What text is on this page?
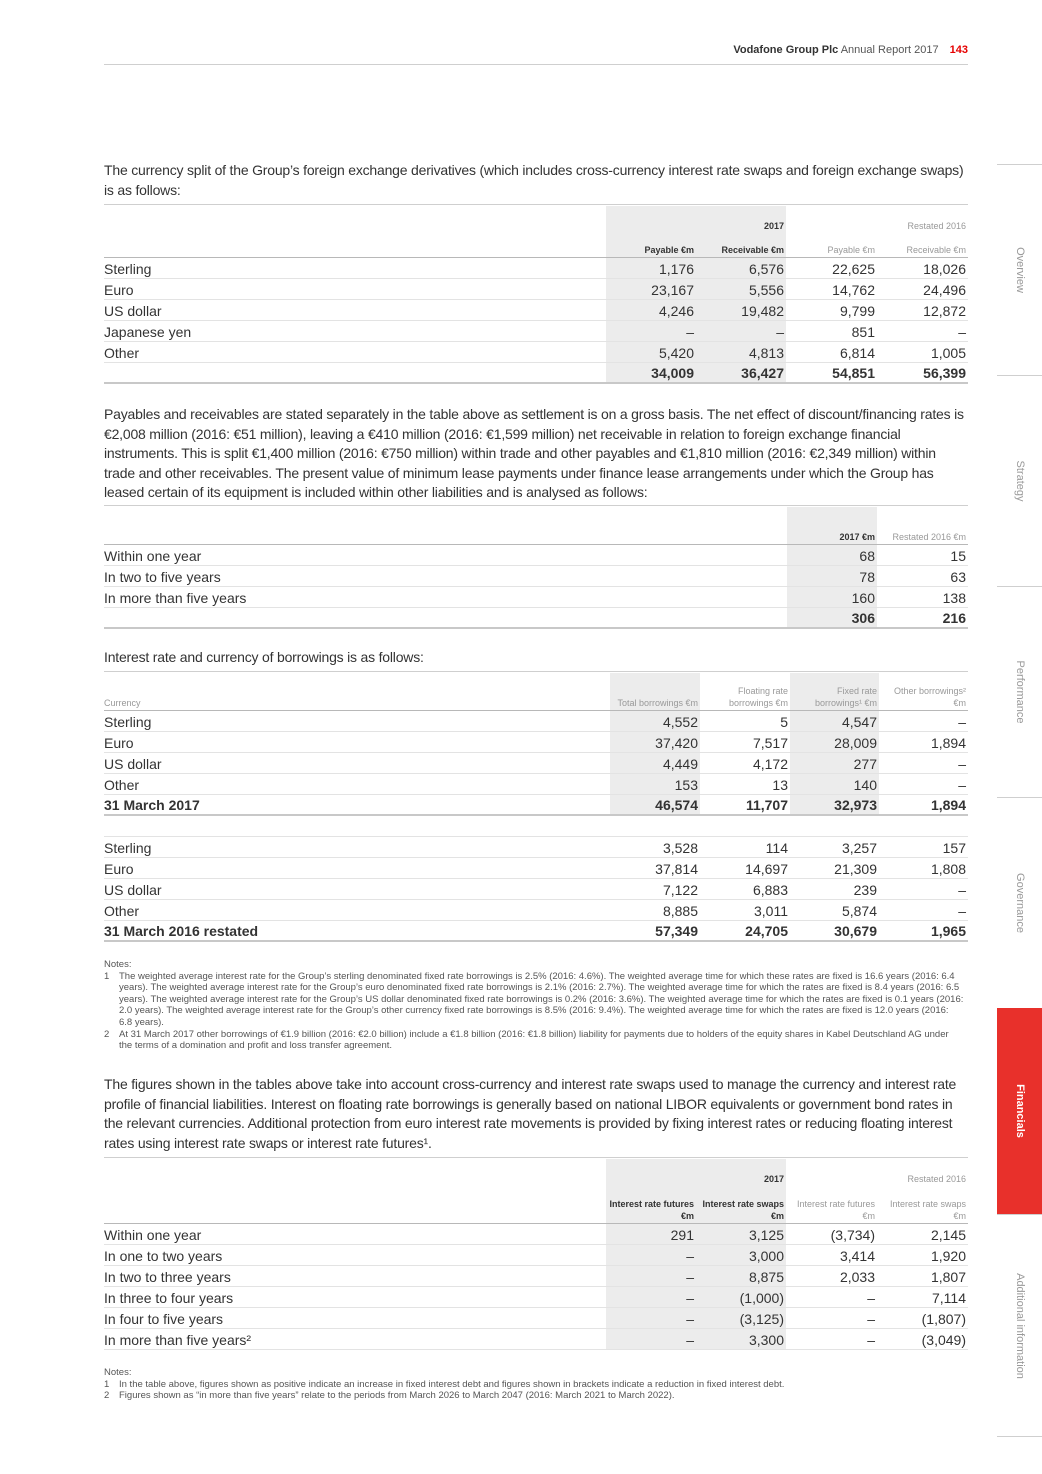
Vodafone Group Plc Annual Report 2017 143
Overview
Strategy
Performance
Governance
Financials
Additional information

The currency split of the Group’s foreign exchange derivatives (which includes cross-currency interest rate swaps and foreign exchange swaps) is as follows:

		2017		Restated 2016
	Payable €m	Receivable €m	Payable €m	Receivable €m
Sterling	1,176	6,576	22,625	18,026
Euro	23,167	5,556	14,762	24,496
US dollar	4,246	19,482	9,799	12,872
Japanese yen	–	–	851	–
Other	5,420	4,813	6,814	1,005
	34,009	36,427	54,851	56,399

Payables and receivables are stated separately in the table above as settlement is on a gross basis. The net effect of discount/financing rates is €2,008 million (2016: €51 million), leaving a €410 million (2016: €1,599 million) net receivable in relation to foreign exchange financial instruments. This is split €1,400 million (2016: €750 million) within trade and other payables and €1,810 million (2016: €2,349 million) within trade and other receivables. The present value of minimum lease payments under finance lease arrangements under which the Group has leased certain of its equipment is included within other liabilities and is analysed as follows:

	2017 €m	Restated 2016 €m
Within one year	68	15
In two to five years	78	63
In more than five years	160	138
	306	216

Interest rate and currency of borrowings is as follows:

Currency	Total borrowings €m	Floating rate borrowings €m	Fixed rate borrowings¹ €m	Other borrowings² €m
Sterling	4,552	5	4,547	–
Euro	37,420	7,517	28,009	1,894
US dollar	4,449	4,172	277	–
Other	153	13	140	–
31 March 2017	46,574	11,707	32,973	1,894

Sterling	3,528	114	3,257	157
Euro	37,814	14,697	21,309	1,808
US dollar	7,122	6,883	239	–
Other	8,885	3,011	5,874	–
31 March 2016 restated	57,349	24,705	30,679	1,965
Notes:
1	The weighted average interest rate for the Group’s sterling denominated fixed rate borrowings is 2.5% (2016: 4.6%). The weighted average time for which these rates are fixed is 16.6 years (2016: 6.4 years). The weighted average interest rate for the Group’s euro denominated fixed rate borrowings is 2.1% (2016: 2.7%). The weighted average time for which the rates are fixed is 8.4 years (2016: 6.5 years). The weighted average interest rate for the Group’s US dollar denominated fixed rate borrowings is 0.2% (2016: 3.6%). The weighted average time for which the rates are fixed is 0.1 years (2016: 2.0 years). The weighted average interest rate for the Group’s other currency fixed rate borrowings is 8.5% (2016: 9.4%). The weighted average time for which the rates are fixed is 12.0 years (2016: 6.8 years).
2	At 31 March 2017 other borrowings of €1.9 billion (2016: €2.0 billion) include a €1.8 billion (2016: €1.8 billion) liability for payments due to holders of the equity shares in Kabel Deutschland AG under the terms of a domination and profit and loss transfer agreement.

The figures shown in the tables above take into account cross-currency and interest rate swaps used to manage the currency and interest rate profile of financial liabilities. Interest on floating rate borrowings is generally based on national LIBOR equivalents or government bond rates in the relevant currencies. Additional protection from euro interest rate movements is provided by fixing interest rates or reducing floating interest rates using interest rate swaps or interest rate futures¹.

		2017		Restated 2016
	Interest rate futures €m	Interest rate swaps €m	Interest rate futures €m	Interest rate swaps €m
Within one year	291	3,125	(3,734)	2,145
In one to two years	–	3,000	3,414	1,920
In two to three years	–	8,875	2,033	1,807
In three to four years	–	(1,000)	–	7,114
In four to five years	–	(3,125)	–	(1,807)
In more than five years²	–	3,300	–	(3,049)
Notes:
1	In the table above, figures shown as positive indicate an increase in fixed interest debt and figures shown in brackets indicate a reduction in fixed interest debt.
2	Figures shown as “in more than five years” relate to the periods from March 2026 to March 2047 (2016: March 2021 to March 2022).
